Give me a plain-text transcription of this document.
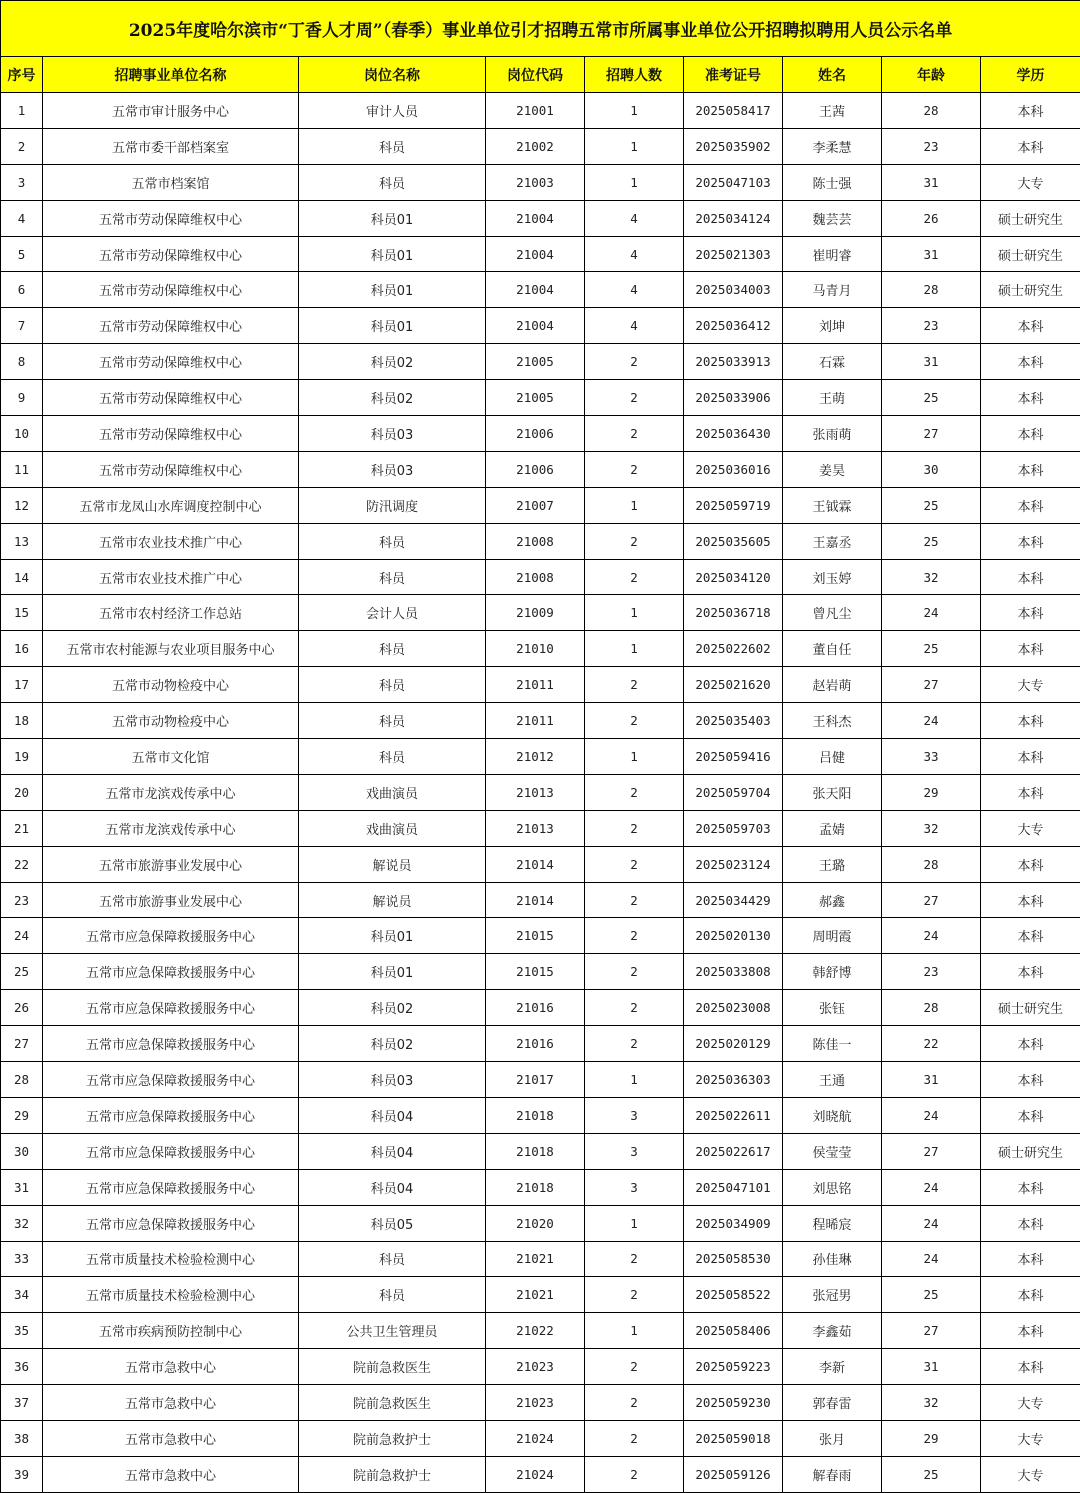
2025年度哈尔滨市“丁香人才周”（春季）事业单位引才招聘五常市所属事业单位公开招聘拟聘用人员公示名单								
序号	招聘事业单位名称	岗位名称	岗位代码	招聘人数	准考证号	姓名	年龄	学历
1	五常市审计服务中心	审计人员	21001	1	2025058417	王茜	28	本科
2	五常市委干部档案室	科员	21002	1	2025035902	李柔慧	23	本科
3	五常市档案馆	科员	21003	1	2025047103	陈士强	31	大专
4	五常市劳动保障维权中心	科员01	21004	4	2025034124	魏芸芸	26	硕士研究生
5	五常市劳动保障维权中心	科员01	21004	4	2025021303	崔明睿	31	硕士研究生
6	五常市劳动保障维权中心	科员01	21004	4	2025034003	马青月	28	硕士研究生
7	五常市劳动保障维权中心	科员01	21004	4	2025036412	刘坤	23	本科
8	五常市劳动保障维权中心	科员02	21005	2	2025033913	石霖	31	本科
9	五常市劳动保障维权中心	科员02	21005	2	2025033906	王萌	25	本科
10	五常市劳动保障维权中心	科员03	21006	2	2025036430	张雨萌	27	本科
11	五常市劳动保障维权中心	科员03	21006	2	2025036016	姜昊	30	本科
12	五常市龙凤山水库调度控制中心	防汛调度	21007	1	2025059719	王钺霖	25	本科
13	五常市农业技术推广中心	科员	21008	2	2025035605	王嘉丞	25	本科
14	五常市农业技术推广中心	科员	21008	2	2025034120	刘玉婷	32	本科
15	五常市农村经济工作总站	会计人员	21009	1	2025036718	曾凡尘	24	本科
16	五常市农村能源与农业项目服务中心	科员	21010	1	2025022602	董自任	25	本科
17	五常市动物检疫中心	科员	21011	2	2025021620	赵岩萌	27	大专
18	五常市动物检疫中心	科员	21011	2	2025035403	王科杰	24	本科
19	五常市文化馆	科员	21012	1	2025059416	吕健	33	本科
20	五常市龙滨戏传承中心	戏曲演员	21013	2	2025059704	张天阳	29	本科
21	五常市龙滨戏传承中心	戏曲演员	21013	2	2025059703	孟婧	32	大专
22	五常市旅游事业发展中心	解说员	21014	2	2025023124	王璐	28	本科
23	五常市旅游事业发展中心	解说员	21014	2	2025034429	郝鑫	27	本科
24	五常市应急保障救援服务中心	科员01	21015	2	2025020130	周明霞	24	本科
25	五常市应急保障救援服务中心	科员01	21015	2	2025033808	韩舒博	23	本科
26	五常市应急保障救援服务中心	科员02	21016	2	2025023008	张钰	28	硕士研究生
27	五常市应急保障救援服务中心	科员02	21016	2	2025020129	陈佳一	22	本科
28	五常市应急保障救援服务中心	科员03	21017	1	2025036303	王通	31	本科
29	五常市应急保障救援服务中心	科员04	21018	3	2025022611	刘晓航	24	本科
30	五常市应急保障救援服务中心	科员04	21018	3	2025022617	侯莹莹	27	硕士研究生
31	五常市应急保障救援服务中心	科员04	21018	3	2025047101	刘思铭	24	本科
32	五常市应急保障救援服务中心	科员05	21020	1	2025034909	程晞宸	24	本科
33	五常市质量技术检验检测中心	科员	21021	2	2025058530	孙佳琳	24	本科
34	五常市质量技术检验检测中心	科员	21021	2	2025058522	张冠男	25	本科
35	五常市疾病预防控制中心	公共卫生管理员	21022	1	2025058406	李鑫茹	27	本科
36	五常市急救中心	院前急救医生	21023	2	2025059223	李新	31	本科
37	五常市急救中心	院前急救医生	21023	2	2025059230	郭春雷	32	大专
38	五常市急救中心	院前急救护士	21024	2	2025059018	张月	29	大专
39	五常市急救中心	院前急救护士	21024	2	2025059126	解春雨	25	大专
